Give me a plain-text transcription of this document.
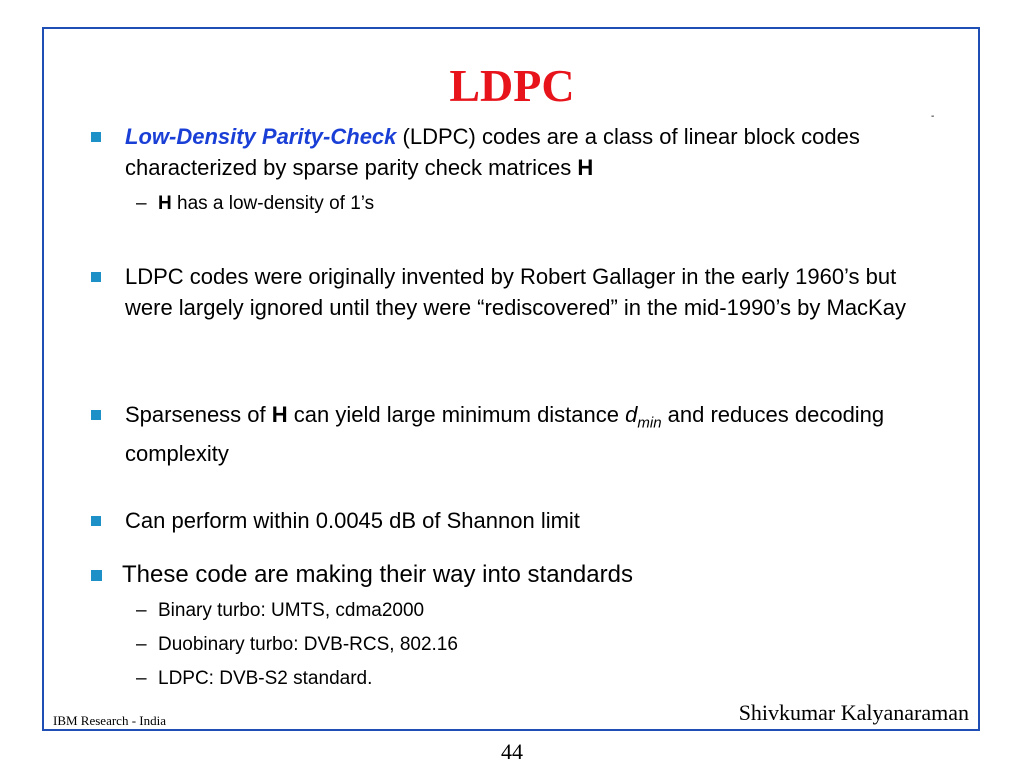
LDPC
-
Low-Density Parity-Check (LDPC) codes are a class of linear block codes characterized by sparse parity check matrices H
– H has a low-density of 1’s
LDPC codes were originally invented by Robert Gallager in the early 1960’s but were largely ignored until they were “rediscovered” in the mid-1990’s by MacKay
Sparseness of H can yield large minimum distance $d_{min}$ and reduces decoding complexity
Can perform within 0.0045 dB of Shannon limit
These code are making their way into standards
– Binary turbo: UMTS, cdma2000
– Duobinary turbo: DVB-RCS, 802.16
– LDPC: DVB-S2 standard.
IBM Research - India	Shivkumar Kalyanaraman
44
